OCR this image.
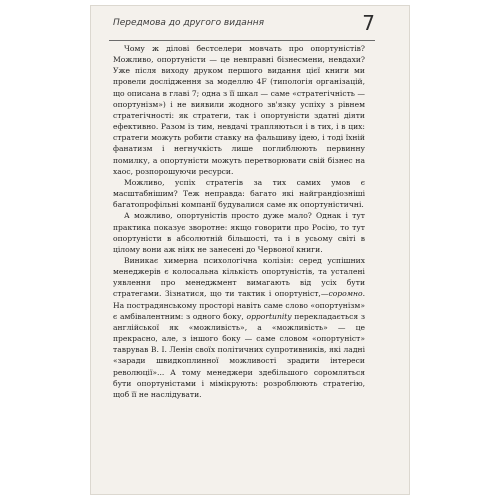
Передмова до другого видання	7

Чому ж ділові бестселери мовчать про опортуністів? Можливо, опортуністи — це невправні бізнесмени, невдахи? Уже після виходу друком першого видання цієї книги ми провели дослідження за моделлю 4F (типологія організацій, що описана в главі 7; одна з її шкал — саме «стратегічність — опортунізм») і не виявили жодного зв'язку успіху з рівнем стратегічності: як стратеги, так і опортуністи здатні діяти ефективно. Разом із тим, невдачі трапляються і в тих, і в цих: стратеги можуть робити ставку на фальшиву ідею, і тоді їхній фанатизм і негнучкість лише поглиблюють первинну помилку, а опортуністи можуть перетворювати свій бізнес на хаос, розпорошуючи ресурси.

Можливо, успіх стратегів за тих самих умов є масштабнішим? Теж неправда: багато які найграндіозніші багатопрофільні компанії будувалися саме як опортуністичні.

А можливо, опортуністів просто дуже мало? Однак і тут практика показує зворотне: якщо говорити про Росію, то тут опортуністи в абсолютній більшості, та і в усьому світі в цілому вони аж ніяк не занесені до Червоної книги.

Виникає химерна психологічна колізія: серед успішних менеджерів є колосальна кількість опортуністів, та усталені уявлення про менеджмент вимагають від усіх бути стратегами. Зізнатися, що ти тактик і опортуніст,—соромно. На пострадянському просторі навіть саме слово «опортунізм» є амбівалентним: з одного боку, opportunity перекладається з англійської як «можливість», а «можливість» — це прекрасно, але, з іншого боку — саме словом «опортуніст» таврував В. І. Ленін своїх політичних супротивників, які ладні «заради швидкоплинної можливості зрадити інтереси революції»... А тому менеджери здебільшого соромляться бути опортуністами і мімікрують: розроблюють стратегію, щоб її не наслідувати.
